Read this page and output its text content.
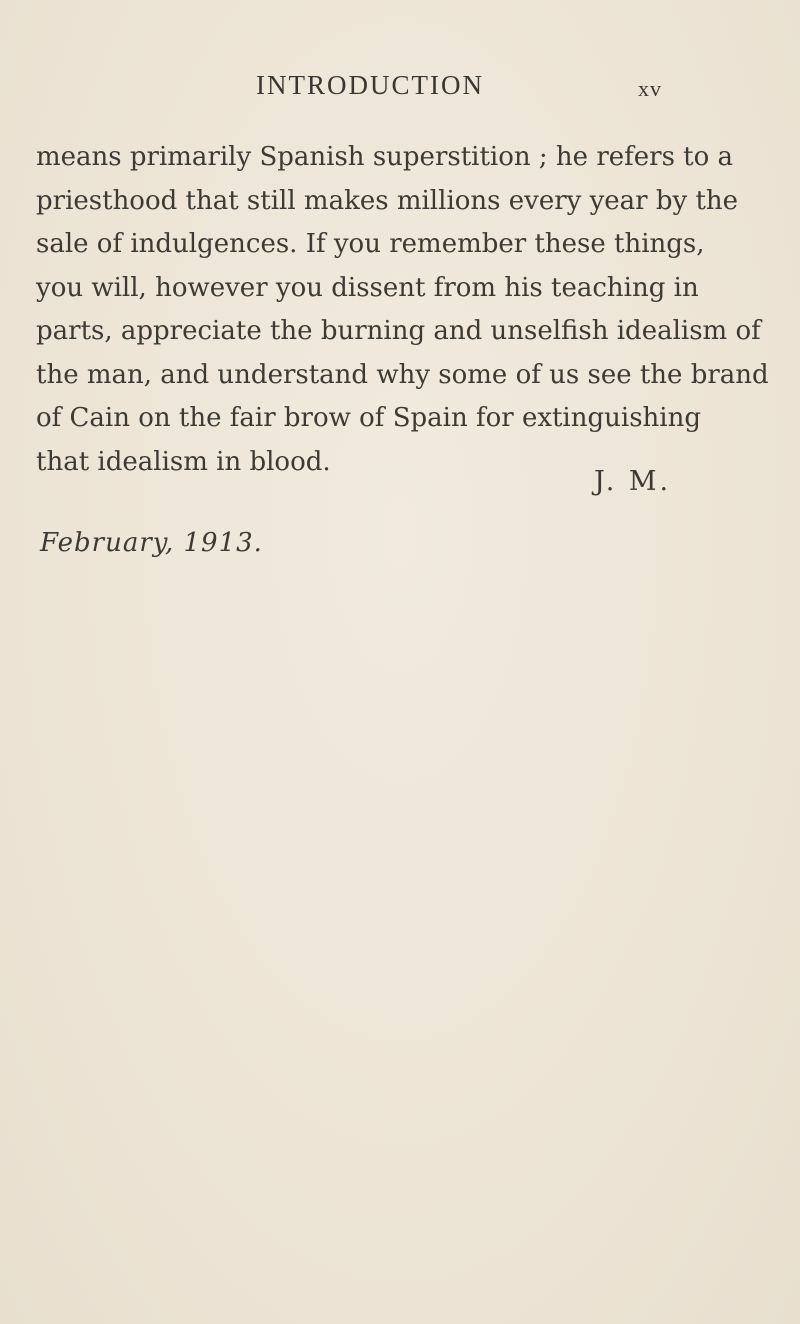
INTRODUCTION	xv
means primarily Spanish superstition ; he refers to a
priesthood that still makes millions every year by the
sale of indulgences. If you remember these things,
you will, however you dissent from his teaching in
parts, appreciate the burning and unselfish idealism of
the man, and understand why some of us see the brand
of Cain on the fair brow of Spain for extinguishing
that idealism in blood.
J. M.
February, 1913.
